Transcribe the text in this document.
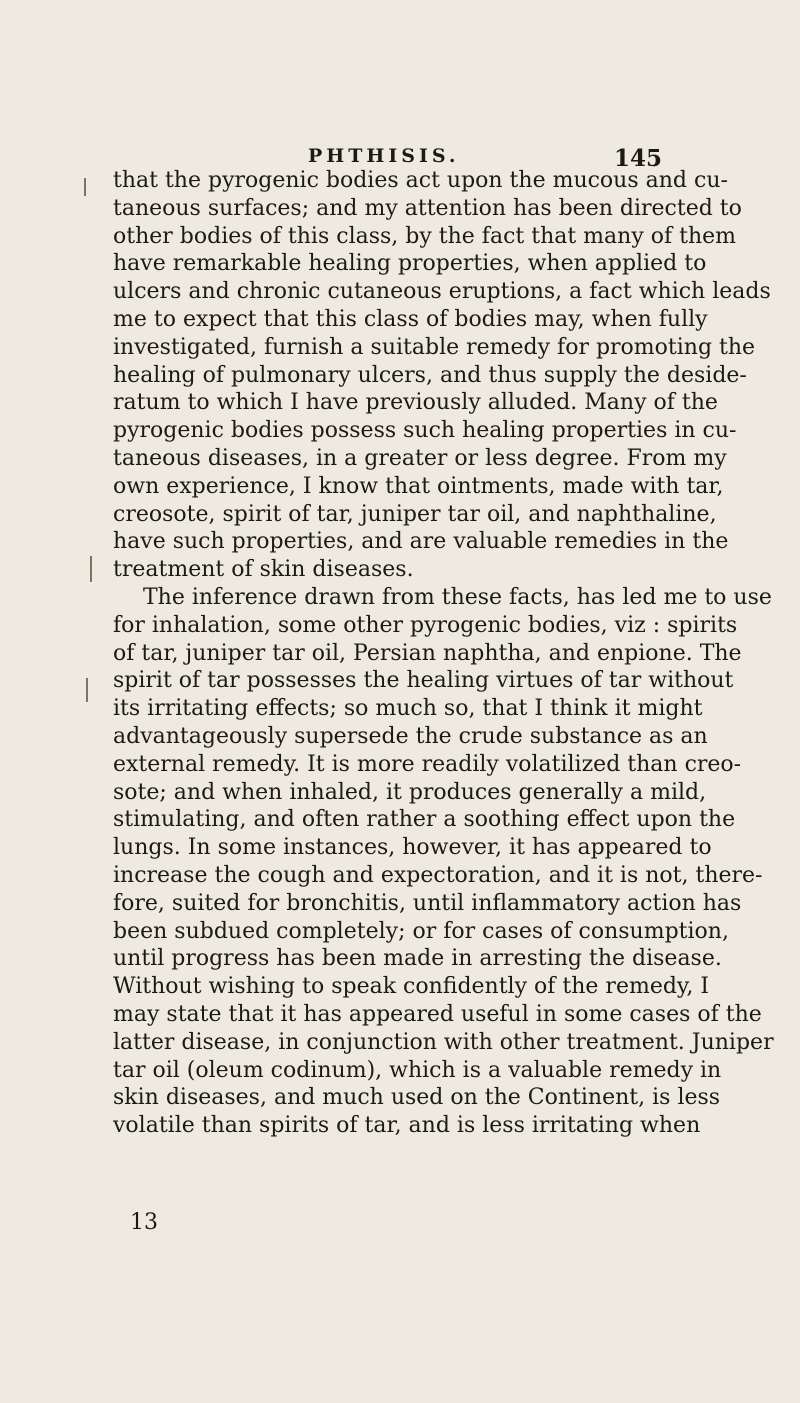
PHTHISIS.	145
that the pyrogenic bodies act upon the mucous and cu-
taneous surfaces; and my attention has been directed to
other bodies of this class, by the fact that many of them
have remarkable healing properties, when applied to
ulcers and chronic cutaneous eruptions, a fact which leads
me to expect that this class of bodies may, when fully
investigated, furnish a suitable remedy for promoting the
healing of pulmonary ulcers, and thus supply the deside-
ratum to which I have previously alluded. Many of the
pyrogenic bodies possess such healing properties in cu-
taneous diseases, in a greater or less degree. From my
own experience, I know that ointments, made with tar,
creosote, spirit of tar, juniper tar oil, and naphthaline,
have such properties, and are valuable remedies in the
treatment of skin diseases.
The inference drawn from these facts, has led me to use
for inhalation, some other pyrogenic bodies, viz : spirits
of tar, juniper tar oil, Persian naphtha, and enpione. The
spirit of tar possesses the healing virtues of tar without
its irritating effects; so much so, that I think it might
advantageously supersede the crude substance as an
external remedy. It is more readily volatilized than creo-
sote; and when inhaled, it produces generally a mild,
stimulating, and often rather a soothing effect upon the
lungs. In some instances, however, it has appeared to
increase the cough and expectoration, and it is not, there-
fore, suited for bronchitis, until inflammatory action has
been subdued completely; or for cases of consumption,
until progress has been made in arresting the disease.
Without wishing to speak confidently of the remedy, I
may state that it has appeared useful in some cases of the
latter disease, in conjunction with other treatment. Juniper
tar oil (oleum codinum), which is a valuable remedy in
skin diseases, and much used on the Continent, is less
volatile than spirits of tar, and is less irritating when
13
